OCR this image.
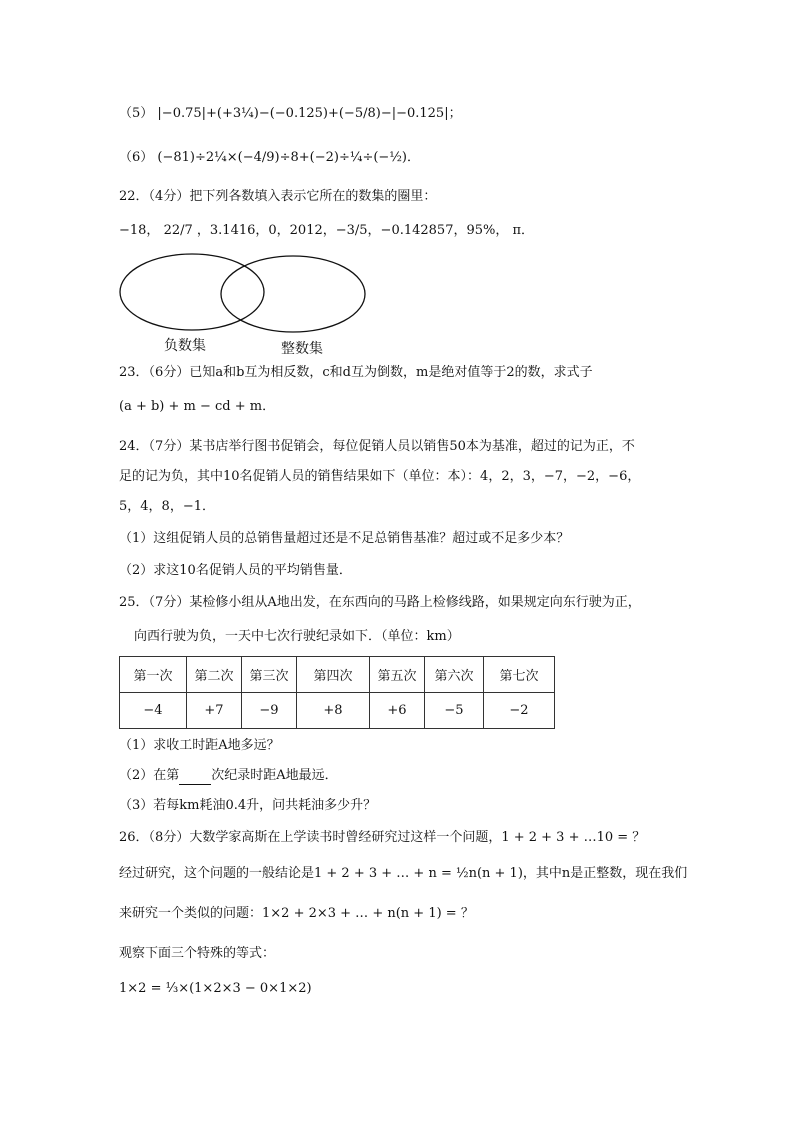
（5） |−0.75|+(+3¼)−(−0.125)+(−5/8)−|−0.125|；
（6） (−81)÷2¼×(−4/9)÷8+(−2)÷¼÷(−½)．
22．（4分）把下列各数填入表示它所在的数集的圈里：
−18， 22/7 ，3.1416，0，2012，−3/5，−0.142857，95%， π．
负数集	整数集
23．（6分）已知a和b互为相反数，c和d互为倒数，m是绝对值等于2的数，求式子
(a + b) + m − cd + m．
24．（7分）某书店举行图书促销会，每位促销人员以销售50本为基准，超过的记为正，不
足的记为负，其中10名促销人员的销售结果如下（单位：本）：4，2，3，−7，−2，−6，
5，4，8，−1．
（1）这组促销人员的总销售量超过还是不足总销售基准？超过或不足多少本？
（2）求这10名促销人员的平均销售量．
25．（7分）某检修小组从A地出发，在东西向的马路上检修线路，如果规定向东行驶为正，
向西行驶为负，一天中七次行驶纪录如下．（单位：km）
第一次	第二次	第三次	第四次	第五次	第六次	第七次
−4	+7	−9	+8	+6	−5	−2
（1）求收工时距A地多远？
（2）在第 次纪录时距A地最远．
（3）若每km耗油0.4升，问共耗油多少升？
26．（8分）大数学家高斯在上学读书时曾经研究过这样一个问题，1 + 2 + 3 + …10 = ？
经过研究，这个问题的一般结论是1 + 2 + 3 + … + n = ½n(n + 1)，其中n是正整数，现在我们
来研究一个类似的问题：1×2 + 2×3 + … + n(n + 1) = ？
观察下面三个特殊的等式：
1×2 = ⅓×(1×2×3 − 0×1×2)
